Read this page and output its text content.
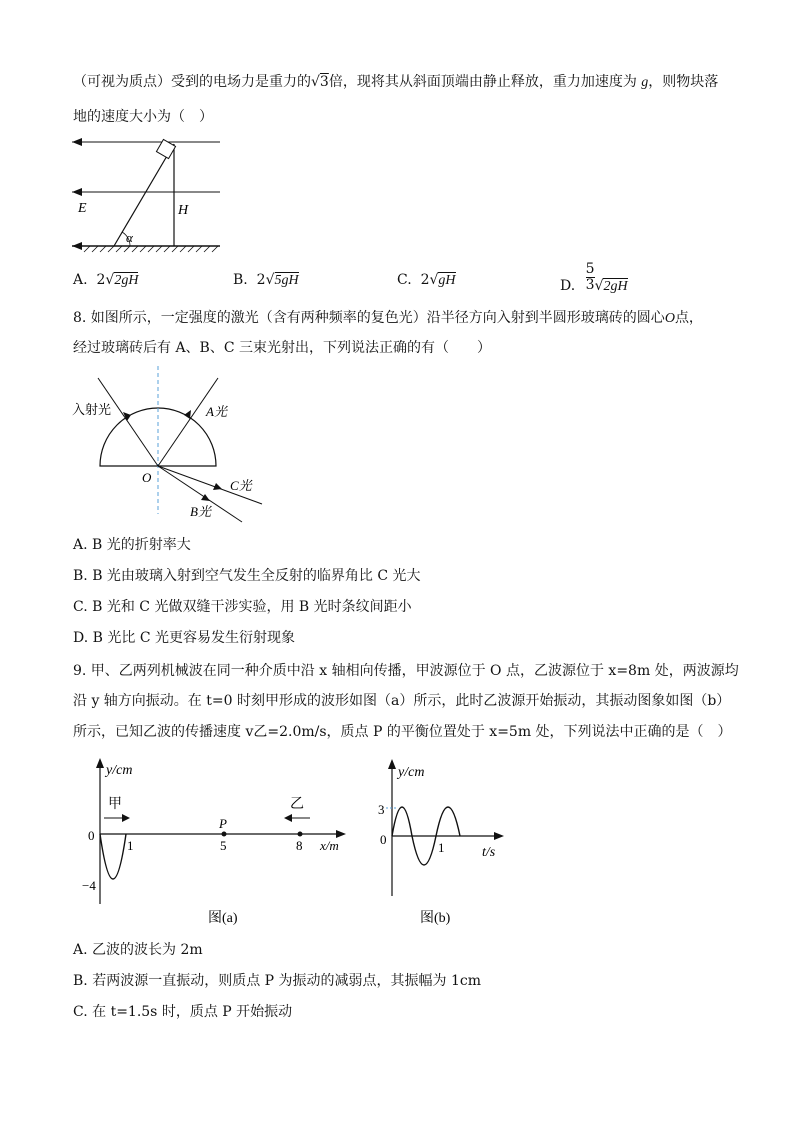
（可视为质点）受到的电场力是重力的√3倍，现将其从斜面顶端由静止释放，重力加速度为 g，则物块落
地的速度大小为（　）
E	H
α
A. 2√2gH	B. 2√5gH	C. 2√gH	D. $\frac{5}{3} √2gH$
8. 如图所示，一定强度的激光（含有两种频率的复色光）沿半径方向入射到半圆形玻璃砖的圆心O点，
经过玻璃砖后有 A、B、C 三束光射出，下列说法正确的有（　　）
入射光	A光
C光
B光
O
A. B 光的折射率大
B. B 光由玻璃入射到空气发生全反射的临界角比 C 光大
C. B 光和 C 光做双缝干涉实验，用 B 光时条纹间距小
D. B 光比 C 光更容易发生衍射现象
9. 甲、乙两列机械波在同一种介质中沿 x 轴相向传播，甲波源位于 O 点，乙波源位于 x=8m 处，两波源均
沿 y 轴方向振动。在 t=0 时刻甲形成的波形如图（a）所示，此时乙波源开始振动，其振动图象如图（b）
所示，已知乙波的传播速度 v乙=2.0m/s，质点 P 的平衡位置处于 x=5m 处，下列说法中正确的是（　）
y/cm
甲	乙
P
0
1	5	8 x/m
−4
图(a)
y/cm
3
0
1	t/s
图(b)
A. 乙波的波长为 2m
B. 若两波源一直振动，则质点 P 为振动的减弱点，其振幅为 1cm
C. 在 t=1.5s 时，质点 P 开始振动
